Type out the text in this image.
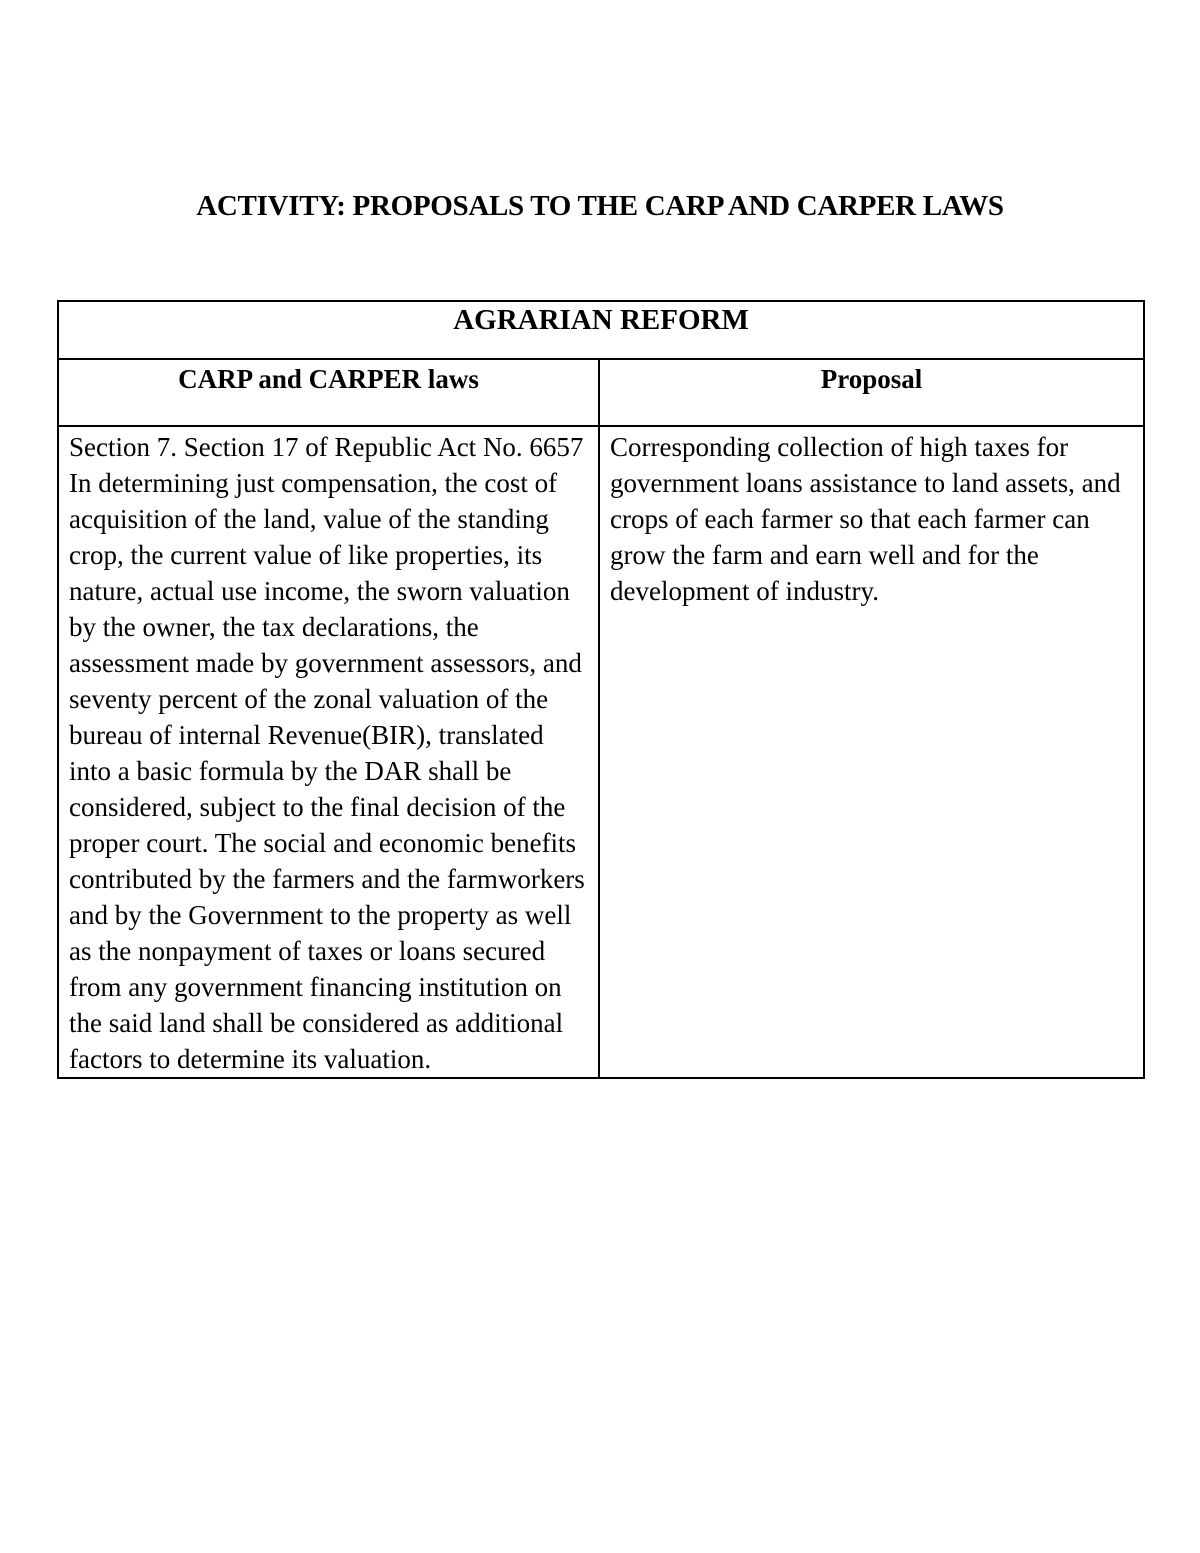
ACTIVITY: PROPOSALS TO THE CARP AND CARPER LAWS
AGRARIAN REFORM	
CARP and CARPER laws	Proposal
Section 7. Section 17 of Republic Act No. 6657 In determining just compensation, the cost of acquisition of the land, value of the standing crop, the current value of like properties, its nature, actual use income, the sworn valuation by the owner, the tax declarations, the assessment made by government assessors, and seventy percent of the zonal valuation of the bureau of internal Revenue(BIR), translated into a basic formula by the DAR shall be considered, subject to the final decision of the proper court. The social and economic benefits contributed by the farmers and the farmworkers and by the Government to the property as well as the nonpayment of taxes or loans secured from any government financing institution on the said land shall be considered as additional factors to determine its valuation.	Corresponding collection of high taxes for government loans assistance to land assets, and crops of each farmer so that each farmer can grow the farm and earn well and for the development of industry.
